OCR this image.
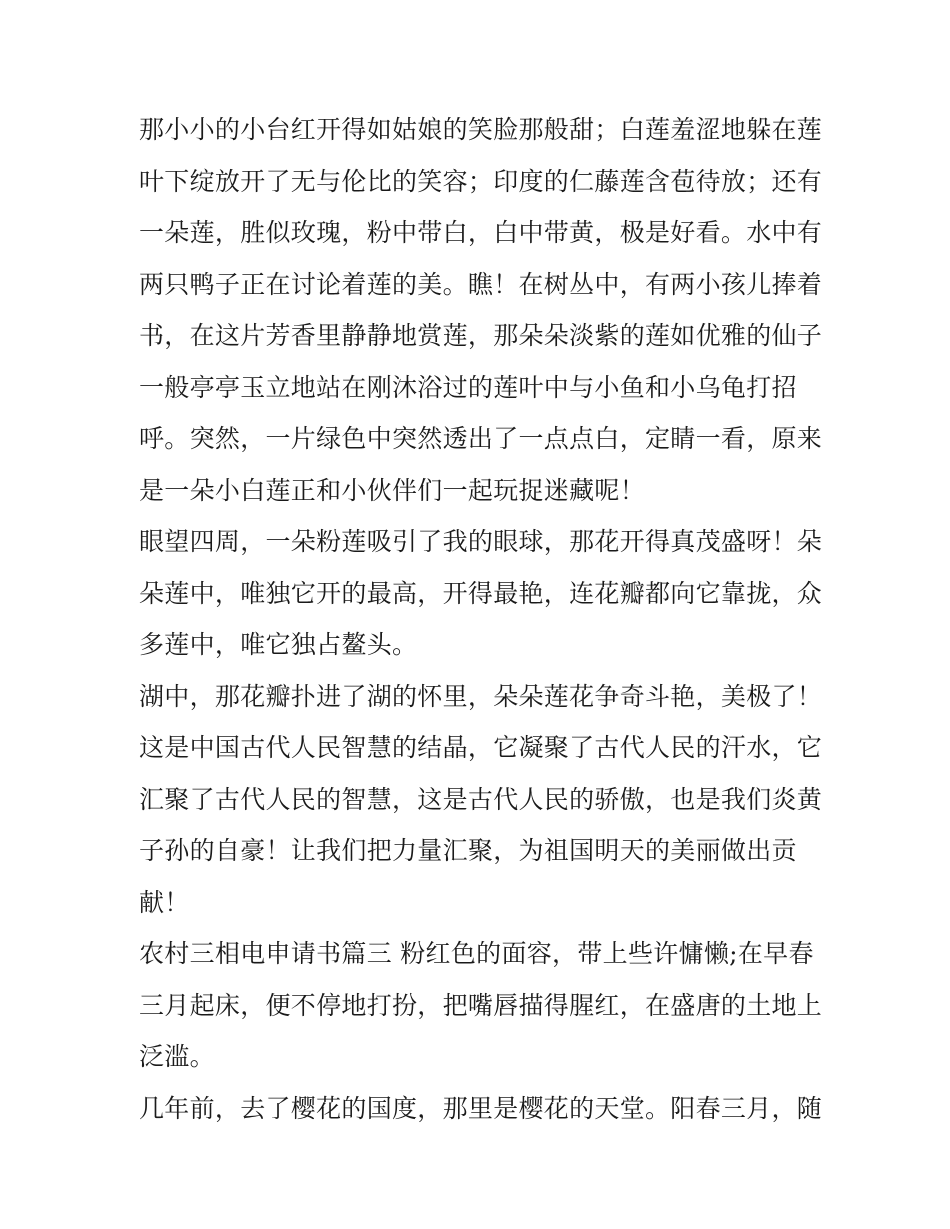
那小小的小台红开得如姑娘的笑脸那般甜；白莲羞涩地躲在莲
叶下绽放开了无与伦比的笑容；印度的仁藤莲含苞待放；还有
一朵莲，胜似玫瑰，粉中带白，白中带黄，极是好看。水中有
两只鸭子正在讨论着莲的美。瞧！在树丛中，有两小孩儿捧着
书，在这片芳香里静静地赏莲，那朵朵淡紫的莲如优雅的仙子
一般亭亭玉立地站在刚沐浴过的莲叶中与小鱼和小乌龟打招
呼。突然，一片绿色中突然透出了一点点白，定睛一看，原来
是一朵小白莲正和小伙伴们一起玩捉迷藏呢！
眼望四周，一朵粉莲吸引了我的眼球，那花开得真茂盛呀！朵
朵莲中，唯独它开的最高，开得最艳，连花瓣都向它靠拢，众
多莲中，唯它独占鳌头。
湖中，那花瓣扑进了湖的怀里，朵朵莲花争奇斗艳，美极了！
这是中国古代人民智慧的结晶，它凝聚了古代人民的汗水，它
汇聚了古代人民的智慧，这是古代人民的骄傲，也是我们炎黄
子孙的自豪！让我们把力量汇聚，为祖国明天的美丽做出贡
献！
农村三相电申请书篇三 粉红色的面容，带上些许慵懒;在早春
三月起床，便不停地打扮，把嘴唇描得腥红，在盛唐的土地上
泛滥。
几年前，去了樱花的国度，那里是樱花的天堂。阳春三月，随
